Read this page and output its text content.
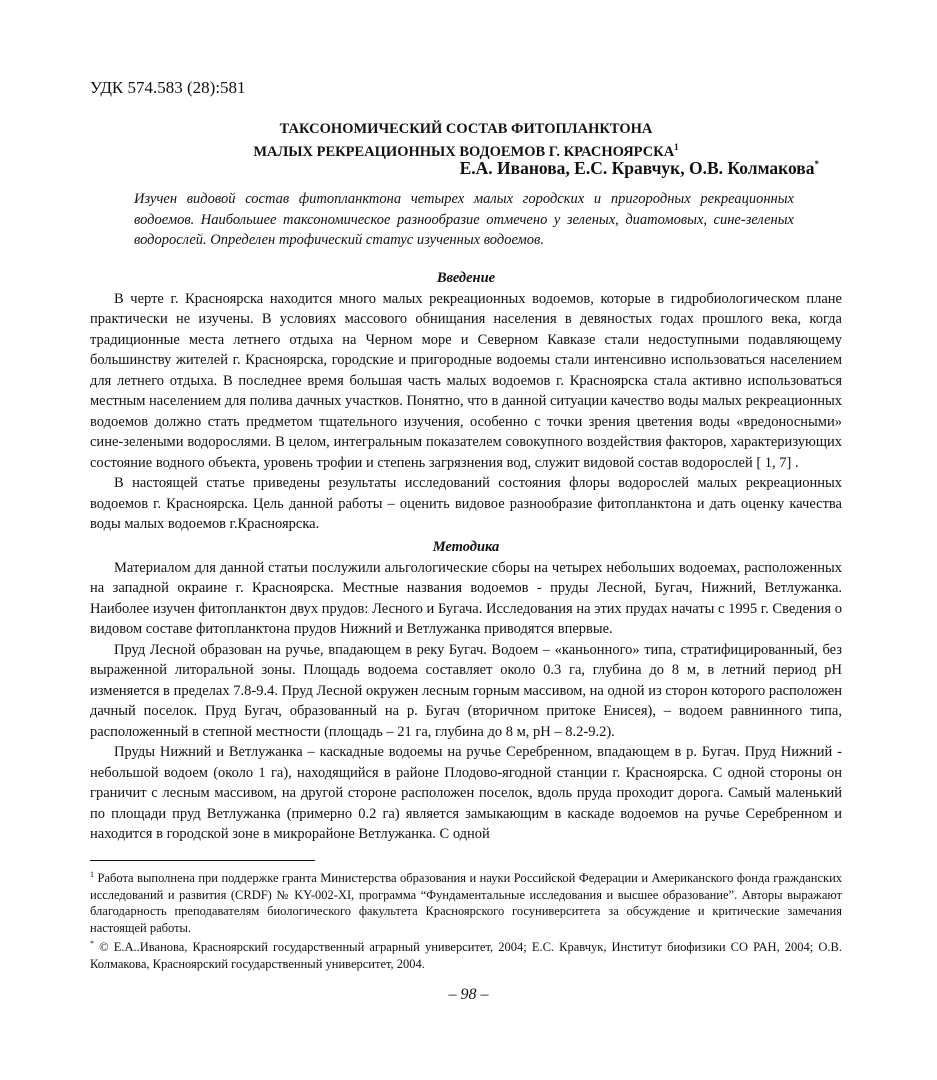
УДК 574.583 (28):581
ТАКСОНОМИЧЕСКИЙ СОСТАВ ФИТОПЛАНКТОНА
МАЛЫХ РЕКРЕАЦИОННЫХ ВОДОЕМОВ Г. КРАСНОЯРСКА$^1$
Е.А. Иванова, Е.С. Кравчук, О.В. Колмакова*
Изучен видовой состав фитопланктона четырех малых городских и пригородных рекреационных водоемов. Наибольшее таксономическое разнообразие отмечено у зеленых, диатомовых, сине-зеленых водорослей. Определен трофический статус изученных водоемов.
Введение

В черте г. Красноярска находится много малых рекреационных водоемов, которые в гидробиологическом плане практически не изучены. В условиях массового обнищания населения в девяностых годах прошлого века, когда традиционные места летнего отдыха на Черном море и Северном Кавказе стали недоступными подавляющему большинству жителей г. Красноярска, городские и пригородные водоемы стали интенсивно использоваться населением для летнего отдыха. В последнее время большая часть малых водоемов г. Красноярска стала активно использоваться местным населением для полива дачных участков. Понятно, что в данной ситуации качество воды малых рекреационных водоемов должно стать предметом тщательного изучения, особенно с точки зрения цветения воды «вредоносными» сине-зелеными водорослями. В целом, интегральным показателем совокупного воздействия факторов, характеризующих состояние водного объекта, уровень трофии и степень загрязнения вод, служит видовой состав водорослей [ 1, 7] .

В настоящей статье приведены результаты исследований состояния флоры водорослей малых рекреационных водоемов г. Красноярска. Цель данной работы – оценить видовое разнообразие фитопланктона и дать оценку качества воды малых водоемов г.Красноярска.

Методика

Материалом для данной статьи послужили альгологические сборы на четырех небольших водоемах, расположенных на западной окраине г. Красноярска. Местные названия водоемов - пруды Лесной, Бугач, Нижний, Ветлужанка. Наиболее изучен фитопланктон двух прудов: Лесного и Бугача. Исследования на этих прудах начаты с 1995 г. Сведения о видовом составе фитопланктона прудов Нижний и Ветлужанка приводятся впервые.

Пруд Лесной образован на ручье, впадающем в реку Бугач. Водоем – «каньонного» типа, стратифицированный, без выраженной литоральной зоны. Площадь водоема составляет около 0.3 га, глубина до 8 м, в летний период pH изменяется в пределах 7.8-9.4. Пруд Лесной окружен лесным горным массивом, на одной из сторон которого расположен дачный поселок. Пруд Бугач, образованный на р. Бугач (вторичном притоке Енисея), – водоем равнинного типа, расположенный в степной местности (площадь – 21 га, глубина до 8 м, pH – 8.2-9.2).

Пруды Нижний и Ветлужанка – каскадные водоемы на ручье Серебренном, впадающем в р. Бугач. Пруд Нижний - небольшой водоем (около 1 га), находящийся в районе Плодово-ягодной станции г. Красноярска. С одной стороны он граничит с лесным массивом, на другой стороне расположен поселок, вдоль пруда проходит дорога. Самый маленький по площади пруд Ветлужанка (примерно 0.2 га) является замыкающим в каскаде водоемов на ручье Серебренном и находится в городской зоне в микрорайоне Ветлужанка. С одной

$^1$ Работа выполнена при поддержке гранта Министерства образования и науки Российской Федерации и Американского фонда гражданских исследований и развития (CRDF) № KY-002-XI, программа “Фундаментальные исследования и высшее образование”. Авторы выражают благодарность преподавателям биологического факультета Красноярского госуниверситета за обсуждение и критические замечания настоящей работы.

* © Е.А..Иванова, Красноярский государственный аграрный университет, 2004; Е.С. Кравчук, Институт биофизики СО РАН, 2004; О.В. Колмакова, Красноярский государственный университет, 2004.

– 98 –
